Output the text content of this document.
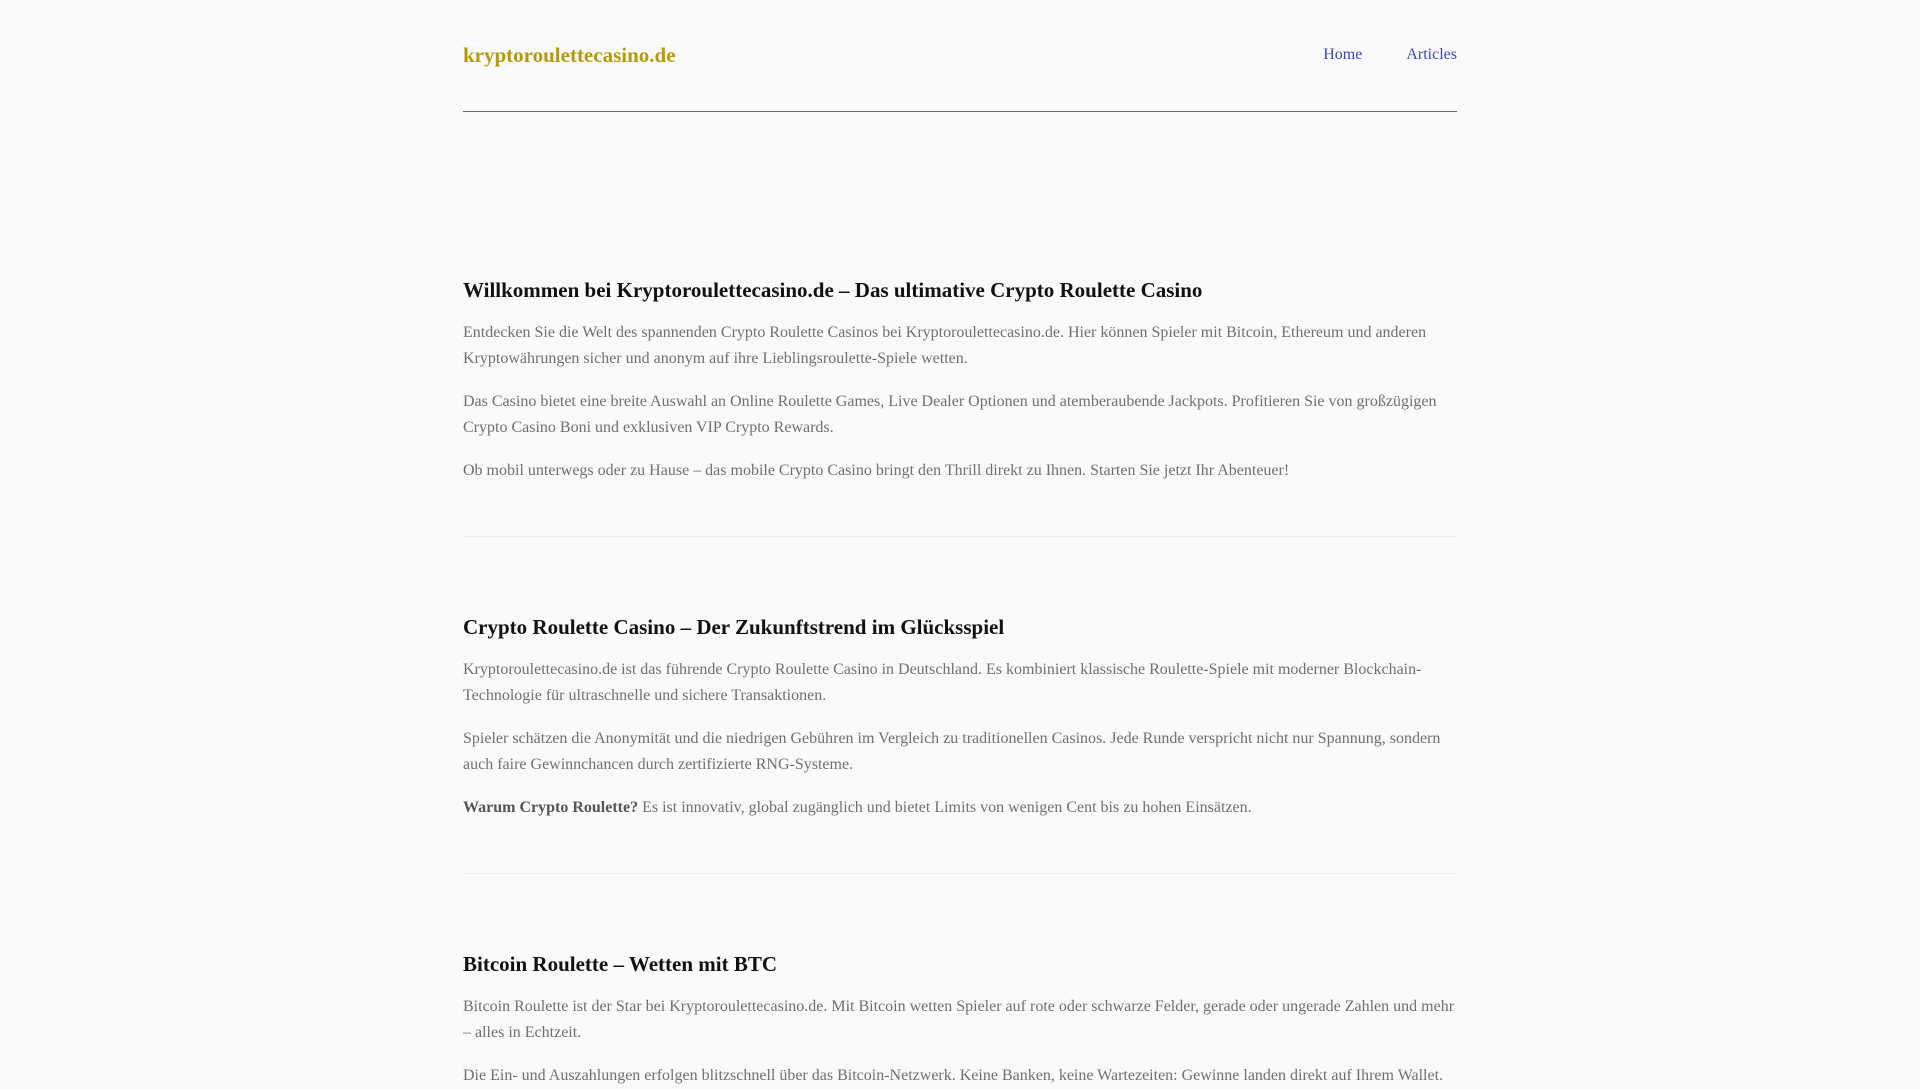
kryptoroulettecasino.de	Home	Articles
Willkommen bei Kryptoroulettecasino.de – Das ultimative Crypto Roulette Casino

Entdecken Sie die Welt des spannenden Crypto Roulette Casinos bei Kryptoroulettecasino.de. Hier können Spieler mit Bitcoin, Ethereum und anderen Kryptowährungen sicher und anonym auf ihre Lieblingsroulette-Spiele wetten.

Das Casino bietet eine breite Auswahl an Online Roulette Games, Live Dealer Optionen und atemberaubende Jackpots. Profitieren Sie von großzügigen Crypto Casino Boni und exklusiven VIP Crypto Rewards.

Ob mobil unterwegs oder zu Hause – das mobile Crypto Casino bringt den Thrill direkt zu Ihnen. Starten Sie jetzt Ihr Abenteuer!

Crypto Roulette Casino – Der Zukunftstrend im Glücksspiel

Kryptoroulettecasino.de ist das führende Crypto Roulette Casino in Deutschland. Es kombiniert klassische Roulette-Spiele mit moderner Blockchain-Technologie für ultraschnelle und sichere Transaktionen.

Spieler schätzen die Anonymität und die niedrigen Gebühren im Vergleich zu traditionellen Casinos. Jede Runde verspricht nicht nur Spannung, sondern auch faire Gewinnchancen durch zertifizierte RNG-Systeme.

Warum Crypto Roulette? Es ist innovativ, global zugänglich und bietet Limits von wenigen Cent bis zu hohen Einsätzen.

Bitcoin Roulette – Wetten mit BTC

Bitcoin Roulette ist der Star bei Kryptoroulettecasino.de. Mit Bitcoin wetten Spieler auf rote oder schwarze Felder, gerade oder ungerade Zahlen und mehr – alles in Echtzeit.

Die Ein- und Auszahlungen erfolgen blitzschnell über das Bitcoin-Netzwerk. Keine Banken, keine Wartezeiten: Gewinne landen direkt auf Ihrem Wallet.
